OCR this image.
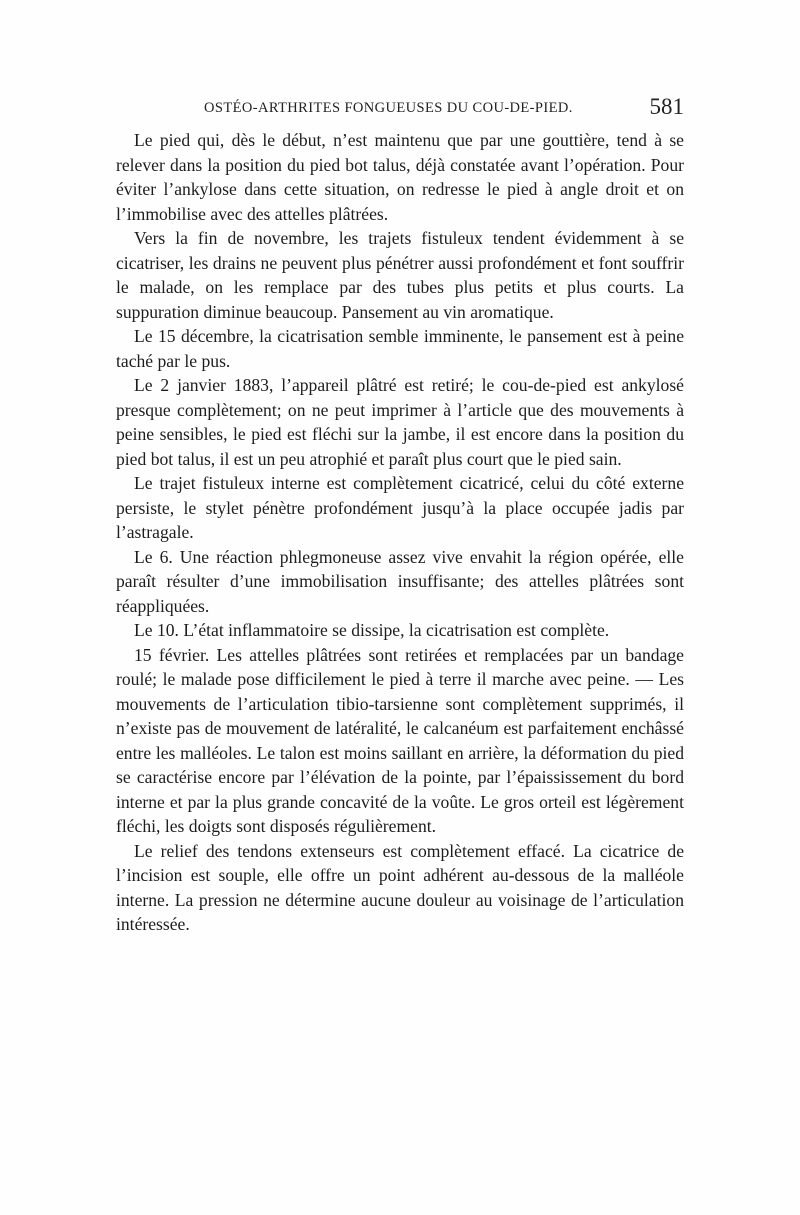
OSTÉO-ARTHRITES FONGUEUSES DU COU-DE-PIED.	581

Le pied qui, dès le début, n’est maintenu que par une gouttière, tend à se relever dans la position du pied bot talus, déjà constatée avant l’opération. Pour éviter l’ankylose dans cette situation, on redresse le pied à angle droit et on l’immobilise avec des attelles plâtrées.

Vers la fin de novembre, les trajets fistuleux tendent évidemment à se cicatriser, les drains ne peuvent plus pénétrer aussi profondément et font souffrir le malade, on les remplace par des tubes plus petits et plus courts. La suppuration diminue beaucoup. Pansement au vin aromatique.

Le 15 décembre, la cicatrisation semble imminente, le pansement est à peine taché par le pus.

Le 2 janvier 1883, l’appareil plâtré est retiré; le cou-de-pied est ankylosé presque complètement; on ne peut imprimer à l’article que des mouvements à peine sensibles, le pied est fléchi sur la jambe, il est encore dans la position du pied bot talus, il est un peu atrophié et paraît plus court que le pied sain.

Le trajet fistuleux interne est complètement cicatricé, celui du côté externe persiste, le stylet pénètre profondément jusqu’à la place occupée jadis par l’astragale.

Le 6. Une réaction phlegmoneuse assez vive envahit la région opérée, elle paraît résulter d’une immobilisation insuffisante; des attelles plâtrées sont réappliquées.

Le 10. L’état inflammatoire se dissipe, la cicatrisation est complète.

15 février. Les attelles plâtrées sont retirées et remplacées par un bandage roulé; le malade pose difficilement le pied à terre il marche avec peine. — Les mouvements de l’articulation tibio-tarsienne sont complètement supprimés, il n’existe pas de mouvement de latéralité, le calcanéum est parfaitement enchâssé entre les malléoles. Le talon est moins saillant en arrière, la déformation du pied se caractérise encore par l’élévation de la pointe, par l’épaississement du bord interne et par la plus grande concavité de la voûte. Le gros orteil est légèrement fléchi, les doigts sont disposés régulièrement.

Le relief des tendons extenseurs est complètement effacé. La cicatrice de l’incision est souple, elle offre un point adhérent au-dessous de la malléole interne. La pression ne détermine aucune douleur au voisinage de l’articulation intéressée.
